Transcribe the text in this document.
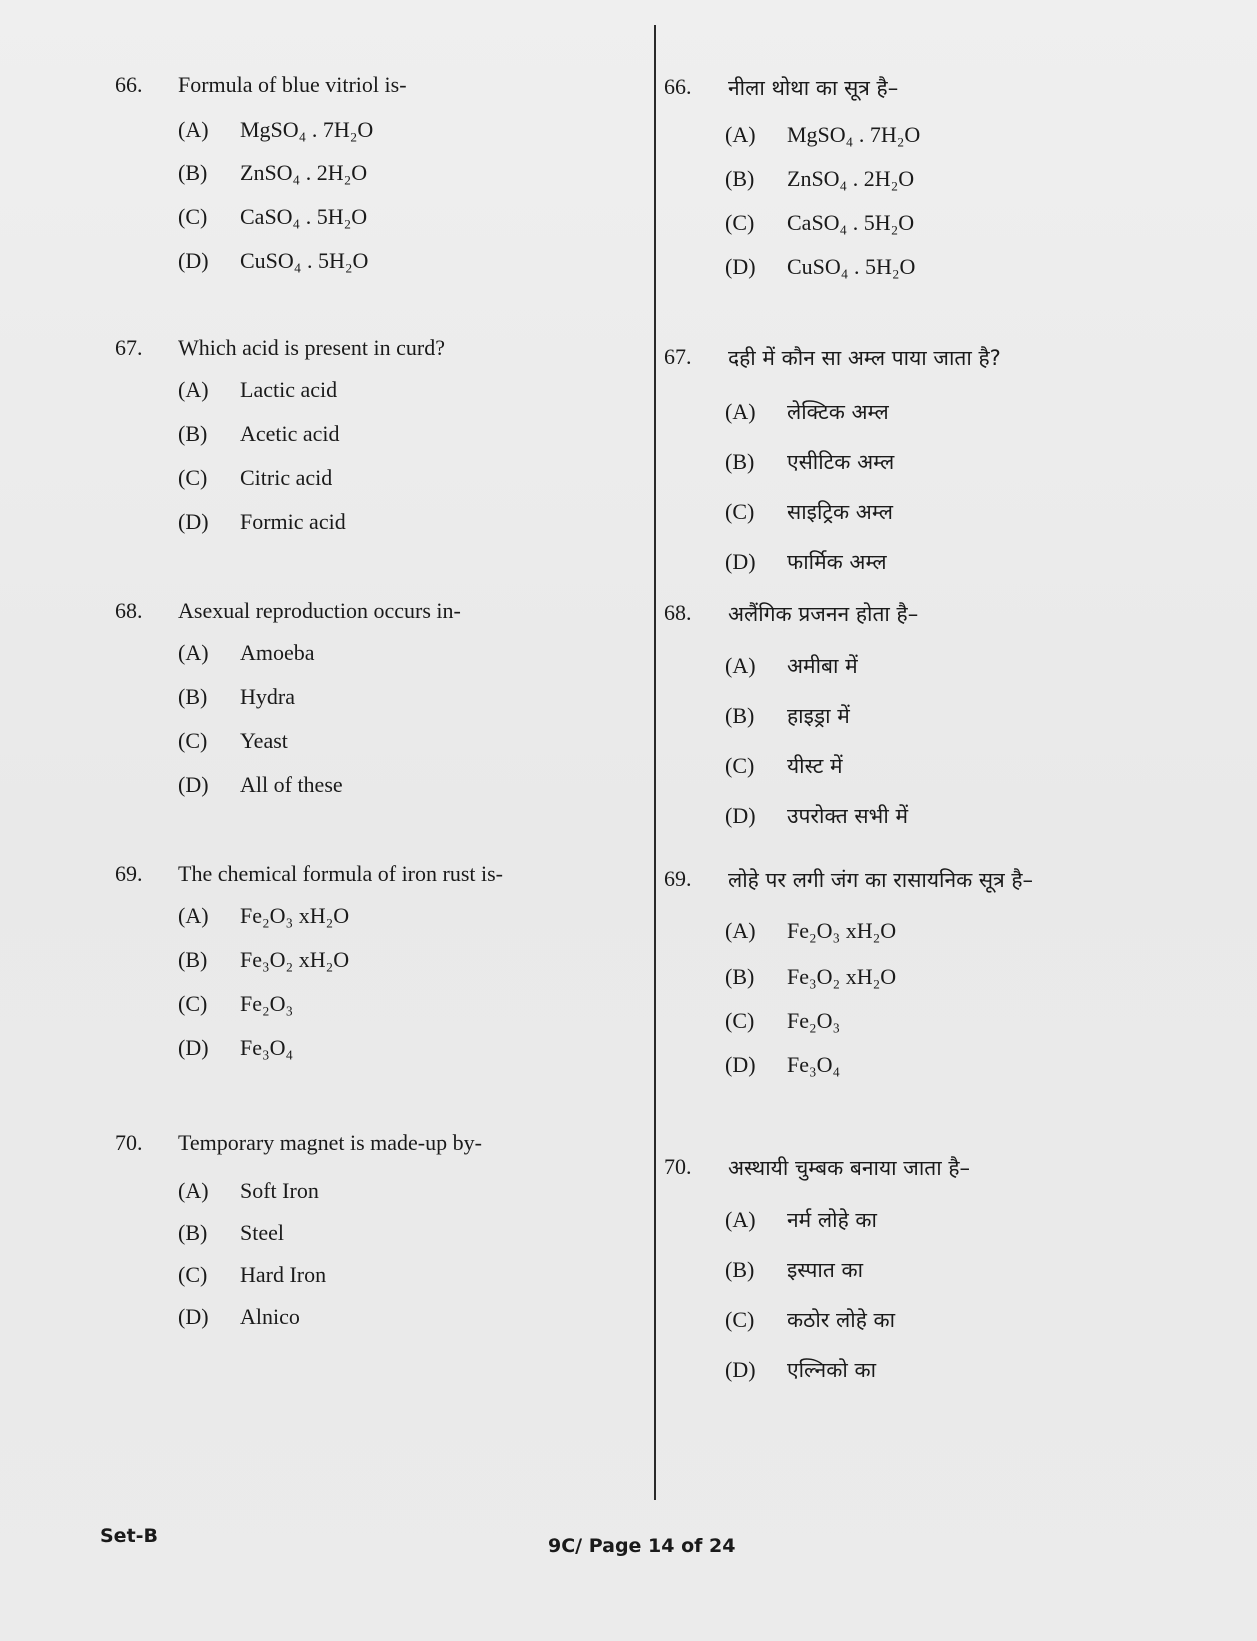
66. Formula of blue vitriol is-
(A) MgSO₄ . 7H₂O
(B) ZnSO₄ . 2H₂O
(C) CaSO₄ . 5H₂O
(D) CuSO₄ . 5H₂O
67. Which acid is present in curd?
(A) Lactic acid
(B) Acetic acid
(C) Citric acid
(D) Formic acid
68. Asexual reproduction occurs in-
(A) Amoeba
(B) Hydra
(C) Yeast
(D) All of these
69. The chemical formula of iron rust is-
(A) Fe₂O₃ xH₂O
(B) Fe₃O₂ xH₂O
(C) Fe₂O₃
(D) Fe₃O₄
70. Temporary magnet is made-up by-
(A) Soft Iron
(B) Steel
(C) Hard Iron
(D) Alnico
66. नीला थोथा का सूत्र है–
(A) MgSO₄ . 7H₂O
(B) ZnSO₄ . 2H₂O
(C) CaSO₄ . 5H₂O
(D) CuSO₄ . 5H₂O
67. दही में कौन सा अम्ल पाया जाता है?
(A) लेक्टिक अम्ल
(B) एसीटिक अम्ल
(C) साइट्रिक अम्ल
(D) फार्मिक अम्ल
68. अलैंगिक प्रजनन होता है–
(A) अमीबा में
(B) हाइड्रा में
(C) यीस्ट में
(D) उपरोक्त सभी में
69. लोहे पर लगी जंग का रासायनिक सूत्र है–
(A) Fe₂O₃ xH₂O
(B) Fe₃O₂ xH₂O
(C) Fe₂O₃
(D) Fe₃O₄
70. अस्थायी चुम्बक बनाया जाता है–
(A) नर्म लोहे का
(B) इस्पात का
(C) कठोर लोहे का
(D) एल्निको का
Set-B	9C/ Page 14 of 24
